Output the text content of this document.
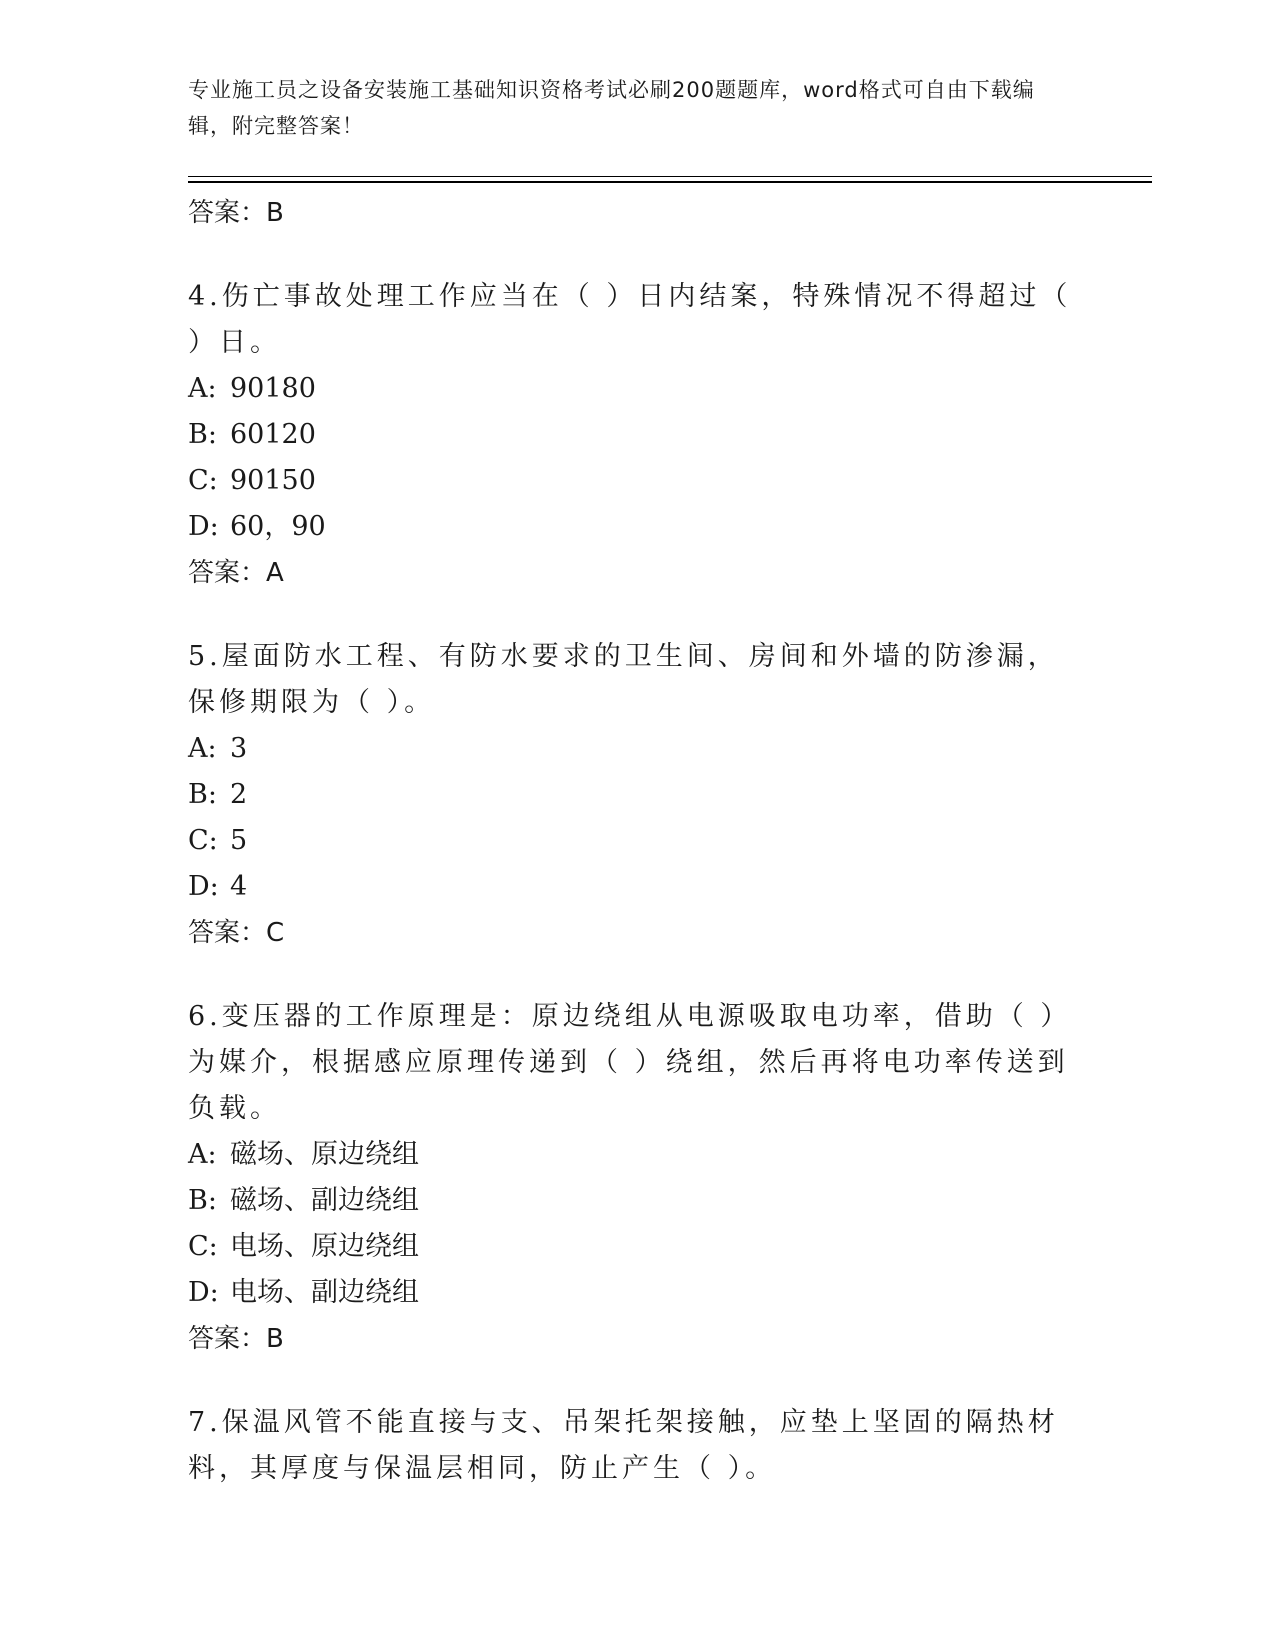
专业施工员之设备安装施工基础知识资格考试必刷200题题库，word格式可自由下载编辑，附完整答案！
答案：B
4.伤亡事故处理工作应当在（ ）日内结案，特殊情况不得超过（ ）日。
A: 90180
B: 60120
C: 90150
D: 60，90
答案：A
5.屋面防水工程、有防水要求的卫生间、房间和外墙的防渗漏，保修期限为（ ）。
A: 3
B: 2
C: 5
D: 4
答案：C
6.变压器的工作原理是：原边绕组从电源吸取电功率，借助（ ）为媒介，根据感应原理传递到（ ）绕组，然后再将电功率传送到负载。
A: 磁场、原边绕组
B: 磁场、副边绕组
C: 电场、原边绕组
D: 电场、副边绕组
答案：B
7.保温风管不能直接与支、吊架托架接触，应垫上坚固的隔热材料，其厚度与保温层相同，防止产生（ ）。
